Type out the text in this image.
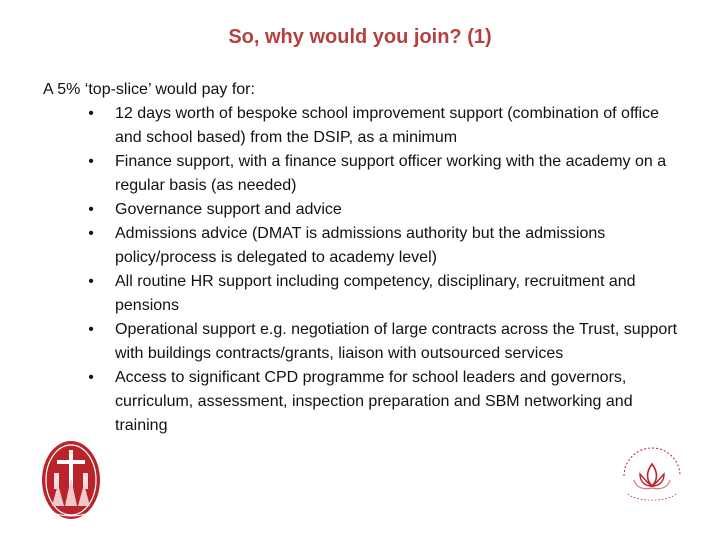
So, why would you join? (1)
A 5% ‘top-slice’ would pay for:
• 12 days worth of bespoke school improvement support (combination of office and school based) from the DSIP, as a minimum
• Finance support, with a finance support officer working with the academy on a regular basis (as needed)
• Governance support and advice
• Admissions advice (DMAT is admissions authority but the admissions policy/process is delegated to academy level)
• All routine HR support including competency, disciplinary, recruitment and pensions
• Operational support e.g. negotiation of large contracts across the Trust, support with buildings contracts/grants, liaison with outsourced services
• Access to significant CPD programme for school leaders and governors, curriculum, assessment, inspection preparation and SBM networking and training
